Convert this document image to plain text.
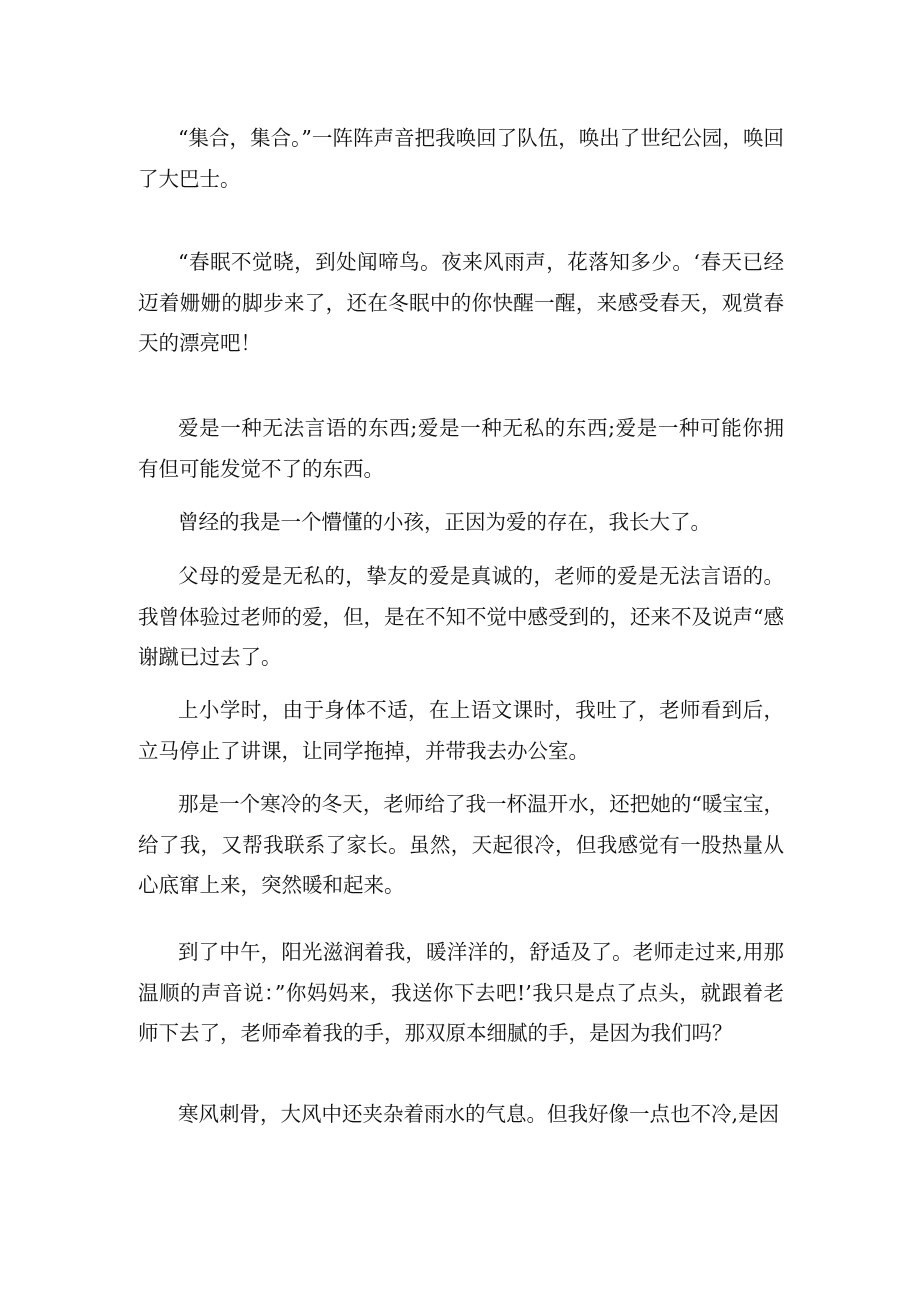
“集合，集合。”一阵阵声音把我唤回了队伍，唤出了世纪公园，唤回了大巴士。

“春眠不觉晓，到处闻啼鸟。夜来风雨声，花落知多少。‘春天已经迈着姗姗的脚步来了，还在冬眠中的你快醒一醒，来感受春天，观赏春天的漂亮吧！

爱是一种无法言语的东西;爱是一种无私的东西;爱是一种可能你拥有但可能发觉不了的东西。

曾经的我是一个懵懂的小孩，正因为爱的存在，我长大了。

父母的爱是无私的，挚友的爱是真诚的，老师的爱是无法言语的。我曾体验过老师的爱，但，是在不知不觉中感受到的，还来不及说声“感谢蹴已过去了。

上小学时，由于身体不适，在上语文课时，我吐了，老师看到后，立马停止了讲课，让同学拖掉，并带我去办公室。

那是一个寒冷的冬天，老师给了我一杯温开水，还把她的“暖宝宝，给了我，又帮我联系了家长。虽然，天起很冷，但我感觉有一股热量从心底窜上来，突然暖和起来。

到了中午，阳光滋润着我，暖洋洋的，舒适及了。老师走过来,用那温顺的声音说：”你妈妈来，我送你下去吧!’我只是点了点头，就跟着老师下去了，老师牵着我的手，那双原本细腻的手，是因为我们吗？

寒风刺骨，大风中还夹杂着雨水的气息。但我好像一点也不冷,是因
